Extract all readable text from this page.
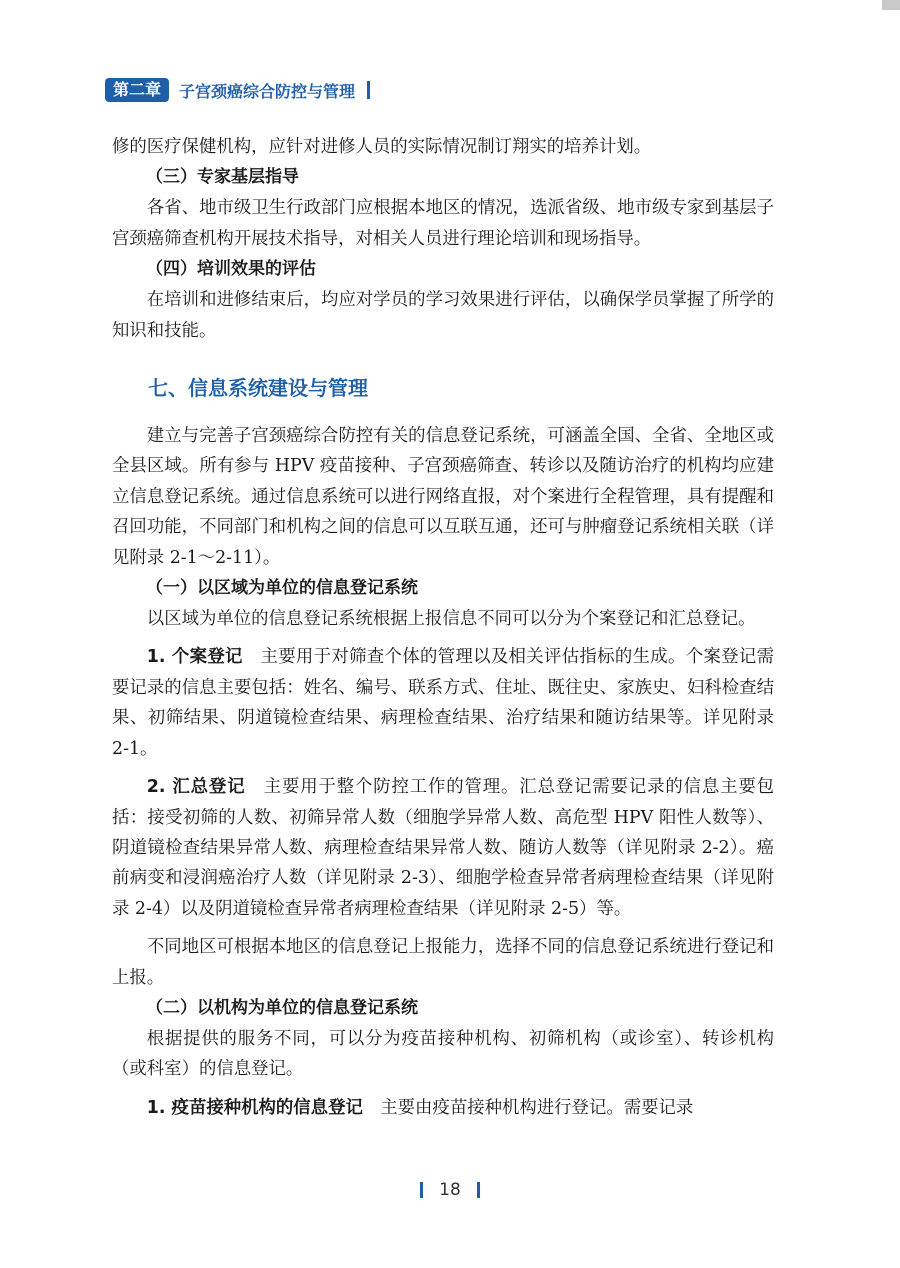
第二章	子宫颈癌综合防控与管理

修的医疗保健机构，应针对进修人员的实际情况制订翔实的培养计划。

（三）专家基层指导

各省、地市级卫生行政部门应根据本地区的情况，选派省级、地市级专家到基层子宫颈癌筛查机构开展技术指导，对相关人员进行理论培训和现场指导。

（四）培训效果的评估

在培训和进修结束后，均应对学员的学习效果进行评估，以确保学员掌握了所学的知识和技能。

七、信息系统建设与管理

建立与完善子宫颈癌综合防控有关的信息登记系统，可涵盖全国、全省、全地区或全县区域。所有参与 HPV 疫苗接种、子宫颈癌筛查、转诊以及随访治疗的机构均应建立信息登记系统。通过信息系统可以进行网络直报，对个案进行全程管理，具有提醒和召回功能，不同部门和机构之间的信息可以互联互通，还可与肿瘤登记系统相关联（详见附录 2-1～2-11）。

（一）以区域为单位的信息登记系统

以区域为单位的信息登记系统根据上报信息不同可以分为个案登记和汇总登记。

1. 个案登记  主要用于对筛查个体的管理以及相关评估指标的生成。个案登记需要记录的信息主要包括：姓名、编号、联系方式、住址、既往史、家族史、妇科检查结果、初筛结果、阴道镜检查结果、病理检查结果、治疗结果和随访结果等。详见附录 2-1。

2. 汇总登记  主要用于整个防控工作的管理。汇总登记需要记录的信息主要包括：接受初筛的人数、初筛异常人数（细胞学异常人数、高危型 HPV 阳性人数等）、阴道镜检查结果异常人数、病理检查结果异常人数、随访人数等（详见附录 2-2）。癌前病变和浸润癌治疗人数（详见附录 2-3）、细胞学检查异常者病理检查结果（详见附录 2-4）以及阴道镜检查异常者病理检查结果（详见附录 2-5）等。

不同地区可根据本地区的信息登记上报能力，选择不同的信息登记系统进行登记和上报。

（二）以机构为单位的信息登记系统

根据提供的服务不同，可以分为疫苗接种机构、初筛机构（或诊室）、转诊机构（或科室）的信息登记。

1. 疫苗接种机构的信息登记  主要由疫苗接种机构进行登记。需要记录

18
